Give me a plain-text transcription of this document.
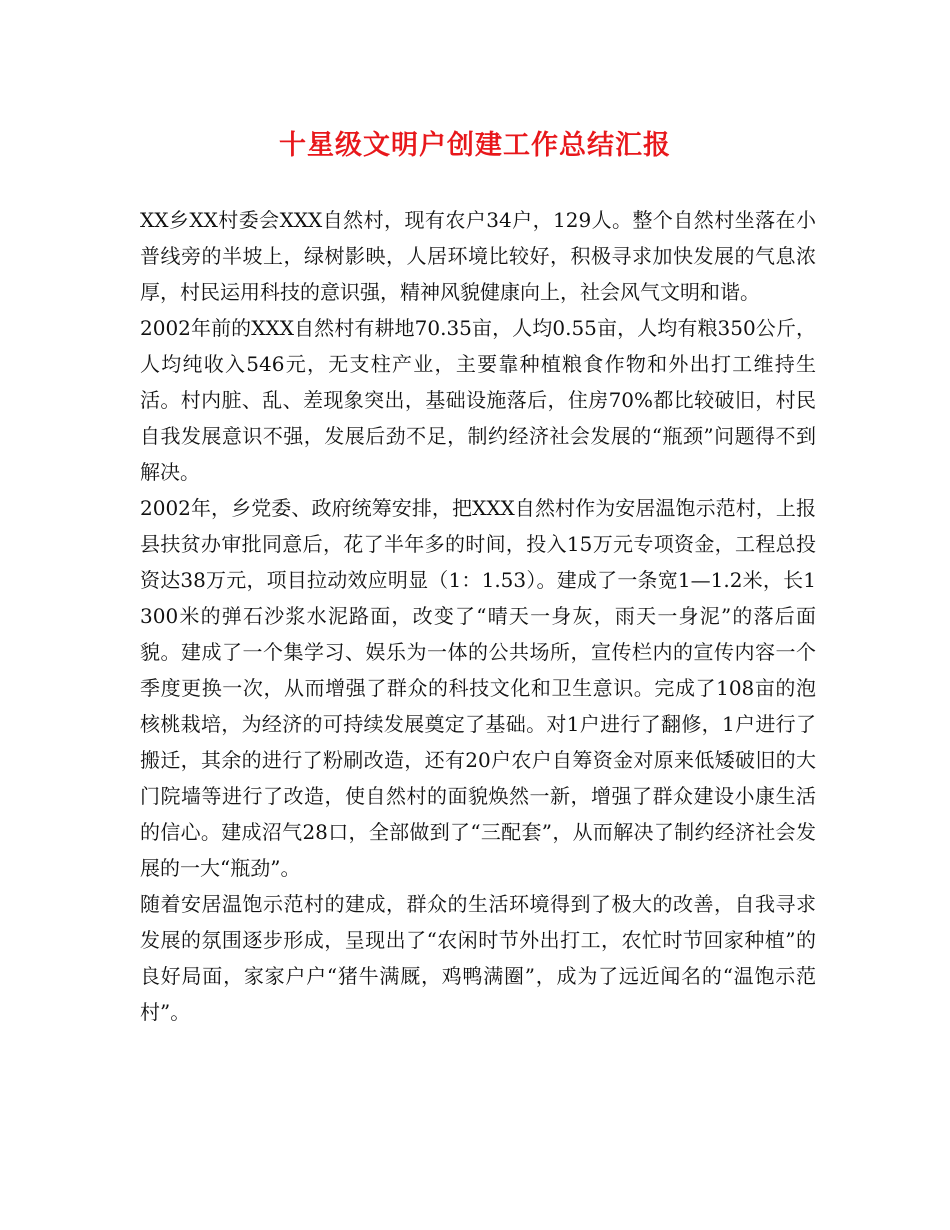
十星级文明户创建工作总结汇报

XX乡XX村委会XXX自然村，现有农户34户，129人。整个自然村坐落在小普线旁的半坡上，绿树影映，人居环境比较好，积极寻求加快发展的气息浓厚，村民运用科技的意识强，精神风貌健康向上，社会风气文明和谐。

2002年前的XXX自然村有耕地70.35亩，人均0.55亩，人均有粮350公斤，人均纯收入546元，无支柱产业，主要靠种植粮食作物和外出打工维持生活。村内脏、乱、差现象突出，基础设施落后，住房70%都比较破旧，村民自我发展意识不强，发展后劲不足，制约经济社会发展的“瓶颈”问题得不到解决。

2002年，乡党委、政府统筹安排，把XXX自然村作为安居温饱示范村，上报县扶贫办审批同意后，花了半年多的时间，投入15万元专项资金，工程总投资达38万元，项目拉动效应明显（1：1.53）。建成了一条宽1—1.2米，长1300米的弹石沙浆水泥路面，改变了“晴天一身灰，雨天一身泥”的落后面貌。建成了一个集学习、娱乐为一体的公共场所，宣传栏内的宣传内容一个季度更换一次，从而增强了群众的科技文化和卫生意识。完成了108亩的泡核桃栽培，为经济的可持续发展奠定了基础。对1户进行了翻修，1户进行了搬迁，其余的进行了粉刷改造，还有20户农户自筹资金对原来低矮破旧的大门院墙等进行了改造，使自然村的面貌焕然一新，增强了群众建设小康生活的信心。建成沼气28口，全部做到了“三配套”，从而解决了制约经济社会发展的一大“瓶劲”。

随着安居温饱示范村的建成，群众的生活环境得到了极大的改善，自我寻求发展的氛围逐步形成，呈现出了“农闲时节外出打工，农忙时节回家种植”的良好局面，家家户户“猪牛满厩，鸡鸭满圈”，成为了远近闻名的“温饱示范村”。
